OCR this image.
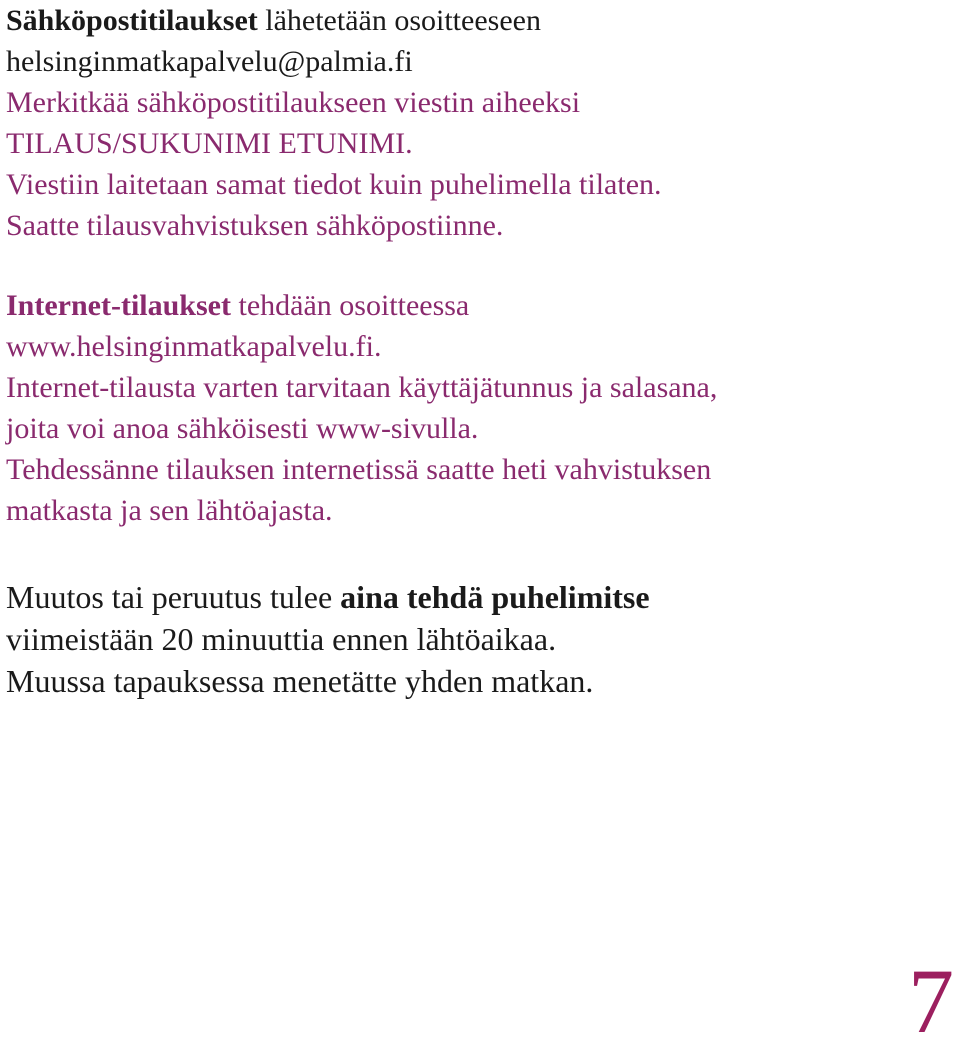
Sähköpostitilaukset lähetetään osoitteeseen
helsinginmatkapalvelu@palmia.fi
Merkitkää sähköpostitilaukseen viestin aiheeksi
TILAUS/SUKUNIMI ETUNIMI.
Viestiin laitetaan samat tiedot kuin puhelimella tilaten.
Saatte tilausvahvistuksen sähköpostiinne.
Internet-tilaukset tehdään osoitteessa
www.helsinginmatkapalvelu.fi.
Internet-tilausta varten tarvitaan käyttäjätunnus ja salasana,
joita voi anoa sähköisesti www-sivulla.
Tehdessänne tilauksen internetissä saatte heti vahvistuksen
matkasta ja sen lähtöajasta.
Muutos tai peruutus tulee aina tehdä puhelimitse
viimeistään 20 minuuttia ennen lähtöaikaa.
Muussa tapauksessa menetätte yhden matkan.
7
